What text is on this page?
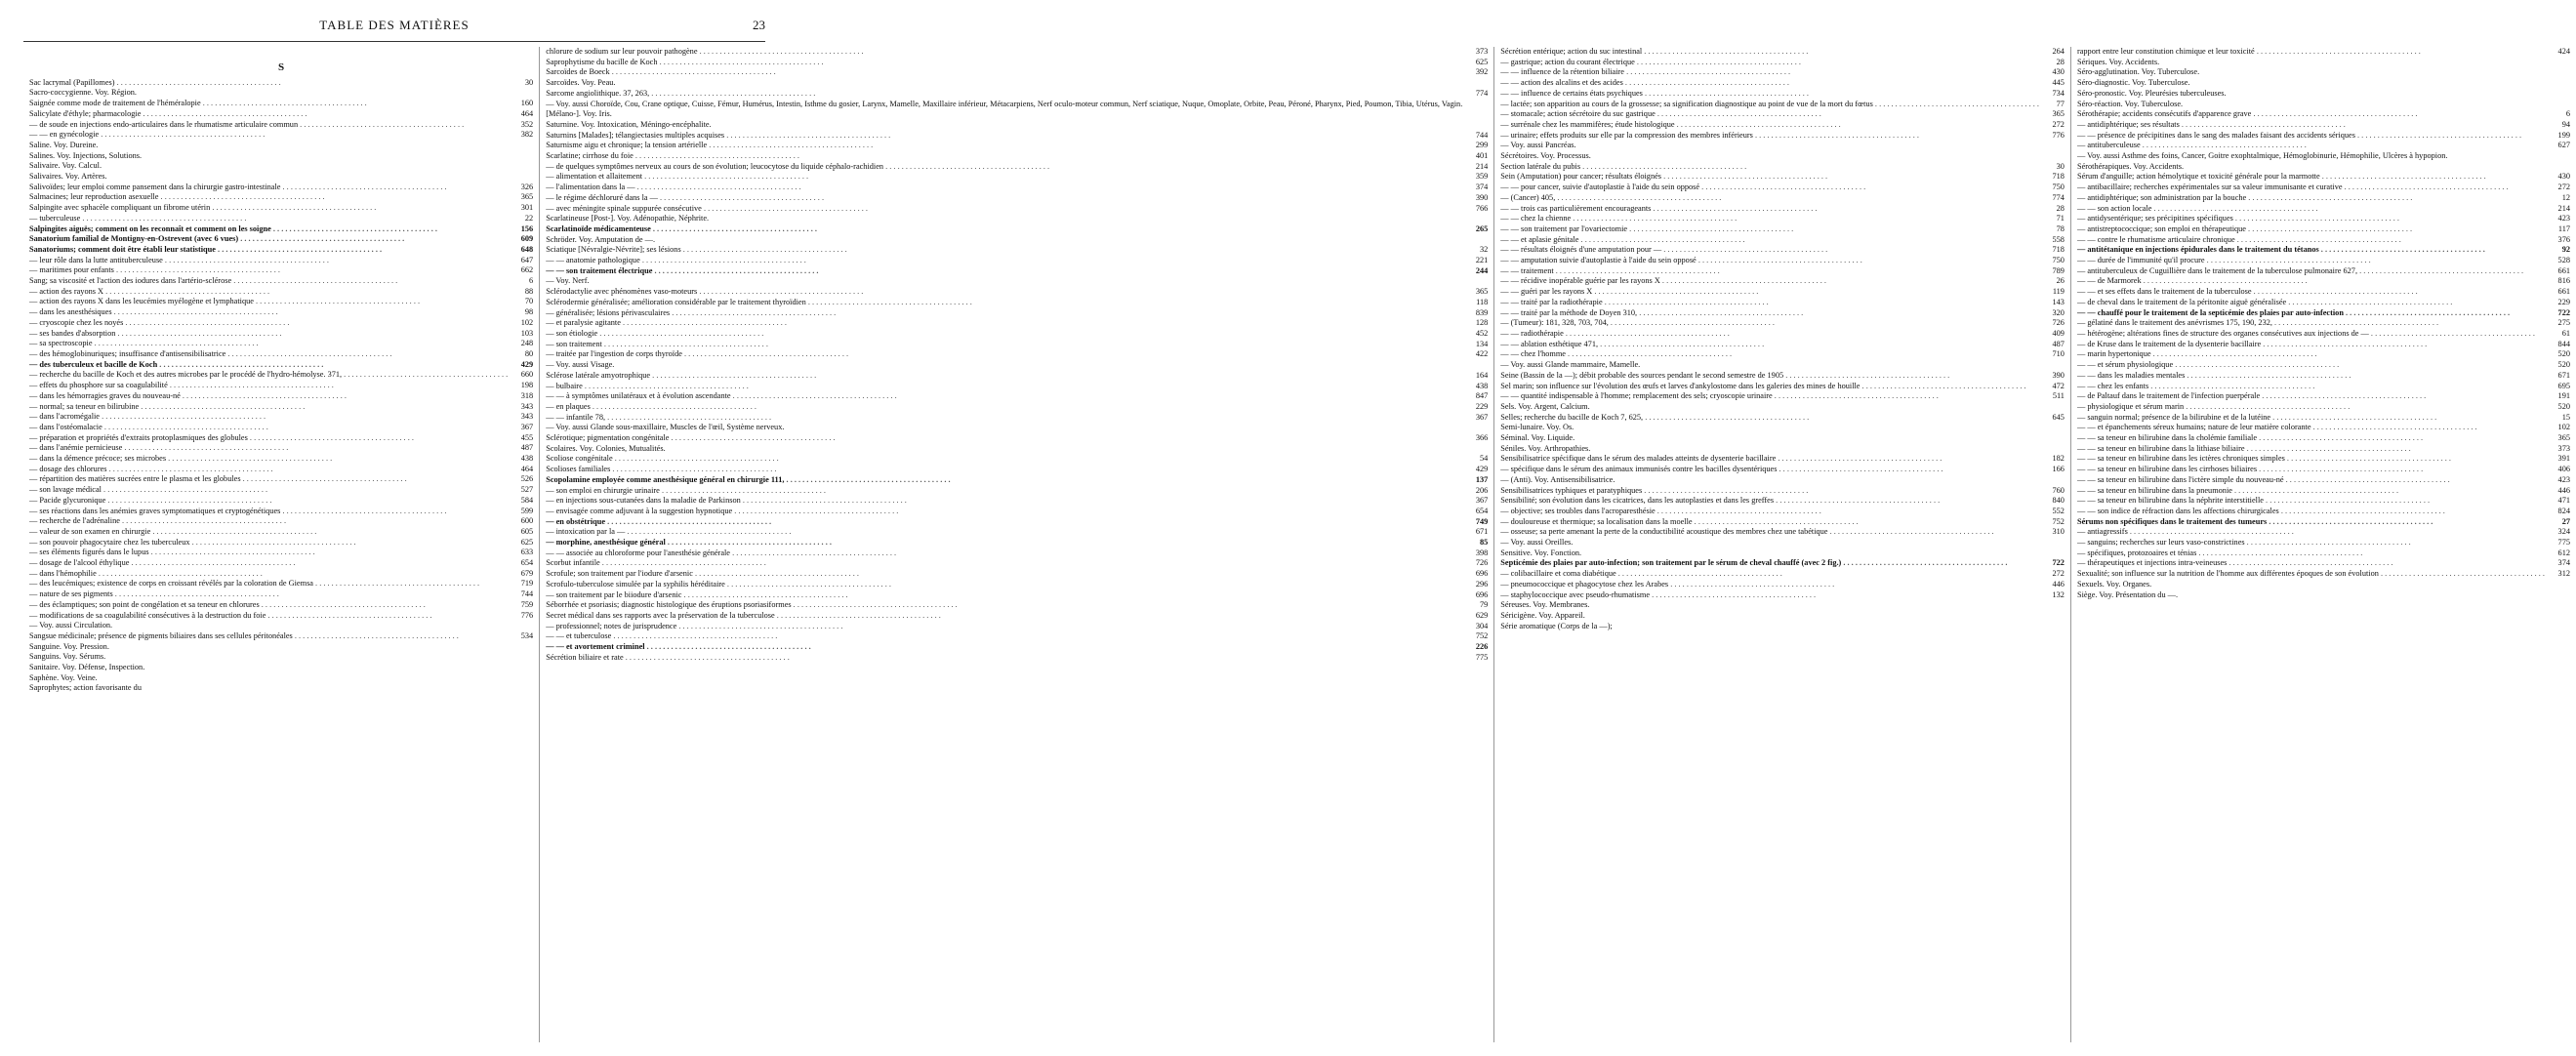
TABLE DES MATIÈRES	23
S
Sac lacrymal (Papillomes) . . .	30
Sacro-coccygienne. Voy. Région.
Saignée comme mode de traitement de l'héméralopie . . .	160
Salicylate d'éthyle; pharmacologie . . .	464
— de soude en injections endo-articulaires dans le rhumatisme articulaire commun . . .	352
— — en gynécologie . . .	382
Saline. Voy. Dureine.
Salines. Voy. Injections, Solutions.
Salivaire. Voy. Calcul.
Salivaires. Voy. Artères.
Salivoïdes; leur emploi comme pansement dans la chirurgie gastro-intestinale . . .	326
Salmacines; leur reproduction asexuelle . . .	365
Salpingite avec sphacèle compliquant un fibrome utérin . . .	301
— tuberculeuse . . .	22
Salpingites aiguës; comment on les reconnaît et comment on les soigne . . .	156
Sanatorium familial de Montigny-en-Ostrevent (avec 6 vues) . . .	609
Sanatoriums; comment doit être établi leur statistique . . .	648
— leur rôle dans la lutte antituberculeuse . . .	647
— maritimes pour enfants . . .	662
Sang; sa viscosité et l'action des iodures dans l'artério-sclérose . . .	6
— action des rayons X . . .	88
— action des rayons X dans les leucémies myélogène et lymphatique . . .	70
— dans les anesthésiques . . .	98
— cryoscopie chez les noyés . . .	102
— ses bandes d'absorption . . .	103
— sa spectroscopie . . .	248
— des hémoglobinuriques; insuffisance d'antisensibilisatrice . . .	80
— des tuberculeux et bacille de Koch . . .	429
— recherche du bacille de Koch et des autres microbes par le procédé de l'hydro-hémolyse. 371, . . .	660
— effets du phosphore sur sa coagulabilité . . .	198
— dans les hémorragies graves du nouveau-né . . .	318
— normal; sa teneur en bilirubine . . .	343
— dans l'acromégalie . . .	343
— dans l'ostéomalacie . . .	367
— préparation et propriétés d'extraits protoplasmiques des globules . . .	455
— dans l'anémie pernicieuse . . .	487
— dans la démence précoce; ses microbes . . .	438
— dosage des chlorures . . .	464
— répartition des matières sucrées entre le plasma et les globules . . .	526
— son lavage médical . . .	527
— Pacide glycuronique . . .	584
— ses réactions dans les anémies graves symptomatiques et cryptogénétiques . . .	599
— recherche de l'adrénaline . . .	600
— valeur de son examen en chirurgie . . .	605
— son pouvoir phagocytaire chez les tuberculeux . . .	625
— ses éléments figurés dans le lupus . . .	633
— dosage de l'alcool éthylique . . .	654
— dans l'hémophilie . . .	679
— des leucémiques; existence de corps en croissant révélés par la coloration de Giemsa . . .	719
— nature de ses pigments . . .	744
— des éclamptiques; son point de congélation et sa teneur en chlorures . . .	759
— modifications de sa coagulabilité consécutives à la destruction du foie . . .	776
— Voy. aussi Circulation.
Sangsue médicinale; présence de pigments biliaires dans ses cellules péritonéales . . .	534
Sanguine. Voy. Pression.
Sanguins. Voy. Sérums.
Sanitaire. Voy. Défense, Inspection.
Saphène. Voy. Veine.
Saprophytes; action favorisante du
chlorure de sodium sur leur pouvoir pathogène . . .	373
Saprophytisme du bacille de Koch . . .	625
Sarcoïdes de Boeck . . .	392
Sarcoïdes. Voy. Peau.
Sarcome angiolithique. 37, 263, . . .	774
— Voy. aussi Choroïde, Cou, Crane optique, Cuisse, Fémur, Humérus, Intestin, Isthme du gosier, Larynx, Mamelle, Maxillaire inférieur, Métacarpiens, Nerf oculo-moteur commun, Nerf sciatique, Nuque, Omoplate, Orbite, Peau, Péroné, Pharynx, Pied, Poumon, Tibia, Utérus, Vagin.
[Mélano-]. Voy. Iris.
Saturnine. Voy. Intoxication, Méningo-encéphalite.
Saturnins [Malades]; télangiectasies multiples acquises . . .	744
Saturnisme aigu et chronique; la tension artérielle . . .	299
Scarlatine; cirrhose du foie . . .	401
— de quelques symptômes nerveux au cours de son évolution; leucocytose du liquide céphalo-rachidien . . .	214
— alimentation et allaitement . . .	359
— l'alimentation dans la — . . .	374
— le régime déchloruré dans la — . . .	390
— avec méningite spinale suppurée consécutive . . .	766
Scarlatineuse [Post-]. Voy. Adénopathie, Néphrite.
Scarlatinoïde médicamenteuse . . .	265
Schröder. Voy. Amputation de —.
Sciatique [Névralgie-Névrite]; ses lésions . . .	32
— — anatomie pathologique . . .	221
— — son traitement électrique . . .	244
— Voy. Nerf.
Sclérodactylie avec phénomènes vaso-moteurs . . .	365
Sclérodermie généralisée; amélioration considérable par le traitement thyroïdien . . .	118
— généralisée; lésions périvasculaires . . .	839
— et paralysie agitante . . .	128
— son étiologie . . .	452
— son traitement . . .	134
— traitée par l'ingestion de corps thyroïde . . .	422
— Voy. aussi Visage.
Sclérose latérale amyotrophique . . .	164
— bulbaire . . .	438
— — à symptômes unilatéraux et à évolution ascendante . . .	847
— en plaques . . .	229
— — infantile 78, . . .	367
— Voy. aussi Glande sous-maxillaire, Muscles de l'œil, Système nerveux.
Sclérotique; pigmentation congénitale . . .	366
Scolaires. Voy. Colonies, Mutualités.
Scoliose congénitale . . .	54
Scolioses familiales . . .	429
Scopolamine employée comme anesthésique général en chirurgie 111, . . .	137
— son emploi en chirurgie urinaire . . .	206
— en injections sous-cutanées dans la maladie de Parkinson . . .	367
— envisagée comme adjuvant à la suggestion hypnotique . . .	654
— en obstétrique . . .	749
— intoxication par la — . . .	671
— morphine, anesthésique général . . .	85
— — associée au chloroforme pour l'anesthésie générale . . .	398
Scorbut infantile . . .	726
Scrofule; son traitement par l'iodure d'arsenic . . .	696
Scrofulo-tuberculose simulée par la syphilis héréditaire . . .	296
— son traitement par le biiodure d'arsenic . . .	696
Séborrhée et psoriasis; diagnostic histologique des éruptions psoriasiformes . . .	79
Secret médical dans ses rapports avec la préservation de la tuberculose . . .	629
— professionnel; notes de jurisprudence . . .	304
— — et tuberculose . . .	752
— — et avortement criminel . . .	226
Sécrétion biliaire et rate . . .	775
Sécrétion entérique; action du suc intestinal . . .	264
— gastrique; action du courant électrique . . .	28
— — influence de la rétention biliaire . . .	430
— — action des alcalins et des acides . . .	445
— — influence de certains états psychiques . . .	734
— lactée; son apparition au cours de la grossesse; sa signification diagnostique au point de vue de la mort du fœtus . . .	77
— stomacale; action sécrétoire du suc gastrique . . .	365
— surrénale chez les mammifères; étude histologique . . .	272
— urinaire; effets produits sur elle par la compression des membres inférieurs . . .	776
— Voy. aussi Pancréas.
Sécrétoires. Voy. Processus.
Section latérale du pubis . . .	30
Sein (Amputation) pour cancer; résultats éloignés . . .	718
— — pour cancer, suivie d'autoplastie à l'aide du sein opposé . . .	750
— (Cancer) 405, . . .	774
— — trois cas particulièrement encourageants . . .	28
— — chez la chienne . . .	71
— — son traitement par l'ovariectomie . . .	78
— — et aplasie génitale . . .	558
— — résultats éloignés d'une amputation pour — . . .	718
— — amputation suivie d'autoplastie à l'aide du sein opposé . . .	750
— — traitement . . .	789
— — récidive inopérable guérie par les rayons X . . .	26
— — guéri par les rayons X . . .	119
— — traité par la radiothérapie . . .	143
— — traité par la méthode de Doyen 310, . . .	320
— (Tumeur): 181, 328, 703, 704, . . .	726
— — radiothérapie . . .	409
— — ablation esthétique 471, . . .	487
— — chez l'homme . . .	710
— Voy. aussi Glande mammaire, Mamelle.
Seine (Bassin de la —); débit probable des sources pendant le second semestre de 1905 . . .	390
Sel marin; son influence sur l'évolution des œufs et larves d'ankylostome dans les galeries des mines de houille . . .	472
— — quantité indispensable à l'homme; remplacement des sels; cryoscopie urinaire . . .	511
Sels. Voy. Argent, Calcium.
Selles; recherche du bacille de Koch 7, 625, . . .	645
Semi-lunaire. Voy. Os.
Séminal. Voy. Liquide.
Séniles. Voy. Arthropathies.
Sensibilisatrice spécifique dans le sérum des malades atteints de dysenterie bacillaire . . .	182
— spécifique dans le sérum des animaux immunisés contre les bacilles dysentériques . . .	166
— (Anti). Voy. Antisensibilisatrice.
Sensibilisatrices typhiques et paratyphiques . . .	760
Sensibilité; son évolution dans les cicatrices, dans les autoplasties et dans les greffes . . .	840
— objective; ses troubles dans l'acroparesthésie . . .	552
— douloureuse et thermique; sa localisation dans la moelle . . .	752
— osseuse; sa perte amenant la perte de la conductibilité acoustique des membres chez une tabétique . . .	310
— Voy. aussi Oreilles.
Sensitive. Voy. Fonction.
Septicémie des plaies par auto-infection; son traitement par le sérum de cheval chauffé (avec 2 fig.) . . .	722
— colibacillaire et coma diabétique . . .	272
— pneumococcique et phagocytose chez les Arabes . . .	446
— staphylococcique avec pseudo-rhumatisme . . .	132
Séreuses. Voy. Membranes.
Séricigène. Voy. Appareil.
Série aromatique (Corps de la —);
rapport entre leur constitution chimique et leur toxicité . . .	424
Sériques. Voy. Accidents.
Séro-agglutination. Voy. Tuberculose.
Séro-diagnostic. Voy. Tuberculose.
Séro-pronostic. Voy. Pleurésies tuberculeuses.
Séro-réaction. Voy. Tuberculose.
Sérothérapie; accidents consécutifs d'apparence grave . . .	6
— antidiphtérique; ses résultats . . .	94
— — présence de précipitines dans le sang des malades faisant des accidents sériques . . .	199
— antituberculeuse . . .	627
— Voy. aussi Asthme des foins, Cancer, Goitre exophtalmique, Hémoglobinurie, Hémophilie, Ulcères à hypopion.
Sérothérapiques. Voy. Accidents.
Sérum d'anguille; action hémolytique et toxicité générale pour la marmotte . . .	430
— antibacillaire; recherches expérimentales sur sa valeur immunisante et curative . . .	272
— antidiphtérique; son administration par la bouche . . .	12
— — son action locale . . .	214
— antidysentérique; ses précipitines spécifiques . . .	423
— antistreptococcique; son emploi en thérapeutique . . .	117
— — contre le rhumatisme articulaire chronique . . .	376
— antitétanique en injections épidurales dans le traitement du tétanos . . .	92
— — durée de l'immunité qu'il procure . . .	528
— antituberculeux de Cuguillière dans le traitement de la tuberculose pulmonaire 627, . . .	661
— — de Marmorek . . .	816
— — et ses effets dans le traitement de la tuberculose . . .	661
— de cheval dans le traitement de la péritonite aiguë généralisée . . .	229
— — chauffé pour le traitement de la septicémie des plaies par auto-infection . . .	722
— gélatiné dans le traitement des anévrismes 175, 190, 232, . . .	275
— hétérogène; altérations fines de structure des organes consécutives aux injections de — . . .	61
— de Kruse dans le traitement de la dysenterie bacillaire . . .	844
— marin hypertonique . . .	520
— — et sérum physiologique . . .	520
— — dans les maladies mentales . . .	671
— — chez les enfants . . .	695
— de Paltauf dans le traitement de l'infection puerpérale . . .	191
— physiologique et sérum marin . . .	520
— sanguin normal; présence de la bilirubine et de la lutéine . . .	15
— — et épanchements séreux humains; nature de leur matière colorante . . .	102
— — sa teneur en bilirubine dans la cholémie familiale . . .	365
— — sa teneur en bilirubine dans la lithiase biliaire . . .	373
— — sa teneur en bilirubine dans les ictères chroniques simples . . .	391
— — sa teneur en bilirubine dans les cirrhoses biliaires . . .	406
— — sa teneur en bilirubine dans l'ictère simple du nouveau-né . . .	423
— — sa teneur en bilirubine dans la pneumonie . . .	446
— — sa teneur en bilirubine dans la néphrite interstitielle . . .	471
— — son indice de réfraction dans les affections chirurgicales . . .	824
Sérums non spécifiques dans le traitement des tumeurs . . .	27
— antiagressifs . . .	324
— sanguins; recherches sur leurs vaso-constrictines . . .	775
— spécifiques, protozoaires et ténias . . .	612
— thérapeutiques et injections intra-veineuses . . .	374
Sexualité; son influence sur la nutrition de l'homme aux différentes époques de son évolution . . .	312
Sexuels. Voy. Organes.
Siège. Voy. Présentation du —.
